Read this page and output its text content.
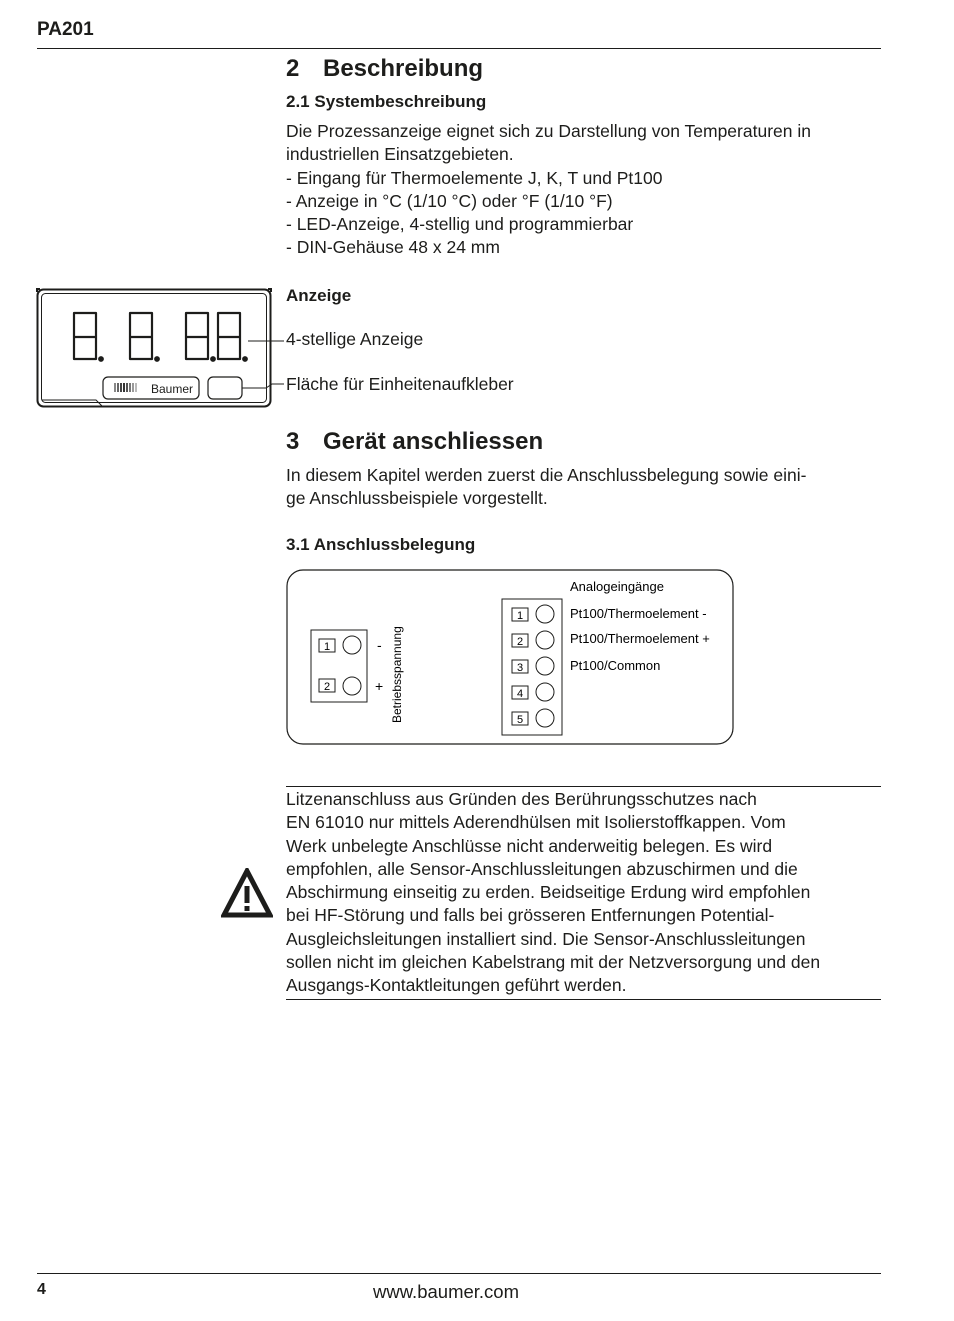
PA201
2 Beschreibung
2.1 Systembeschreibung
Die Prozessanzeige eignet sich zu Darstellung von Temperaturen in
industriellen Einsatzgebieten.
- Eingang für Thermoelemente J, K, T und Pt100
- Anzeige in °C (1/10 °C) oder °F (1/10 °F)
- LED-Anzeige, 4-stellig und programmierbar
- DIN-Gehäuse 48 x 24 mm
Anzeige
Baumer
4-stellige Anzeige
Fläche für Einheitenaufkleber
3 Gerät anschliessen
In diesem Kapitel werden zuerst die Anschlussbelegung sowie eini-
ge Anschlussbeispiele vorgestellt.
3.1 Anschlussbelegung
1
2
-
+ Betriebsspannung
1
2
3
4
5
Analogeingänge
Pt100/Thermoelement -
Pt100/Thermoelement +
Pt100/Common
Litzenanschluss aus Gründen des Berührungsschutzes nach
EN 61010 nur mittels Aderendhülsen mit Isolierstoffkappen. Vom
Werk unbelegte Anschlüsse nicht anderweitig belegen. Es wird
empfohlen, alle Sensor-Anschlussleitungen abzuschirmen und die
Abschirmung einseitig zu erden. Beidseitige Erdung wird empfohlen
bei HF-Störung und falls bei grösseren Entfernungen Potential-
Ausgleichsleitungen installiert sind. Die Sensor-Anschlussleitungen
sollen nicht im gleichen Kabelstrang mit der Netzversorgung und den
Ausgangs-Kontaktleitungen geführt werden.
4	www.baumer.com
